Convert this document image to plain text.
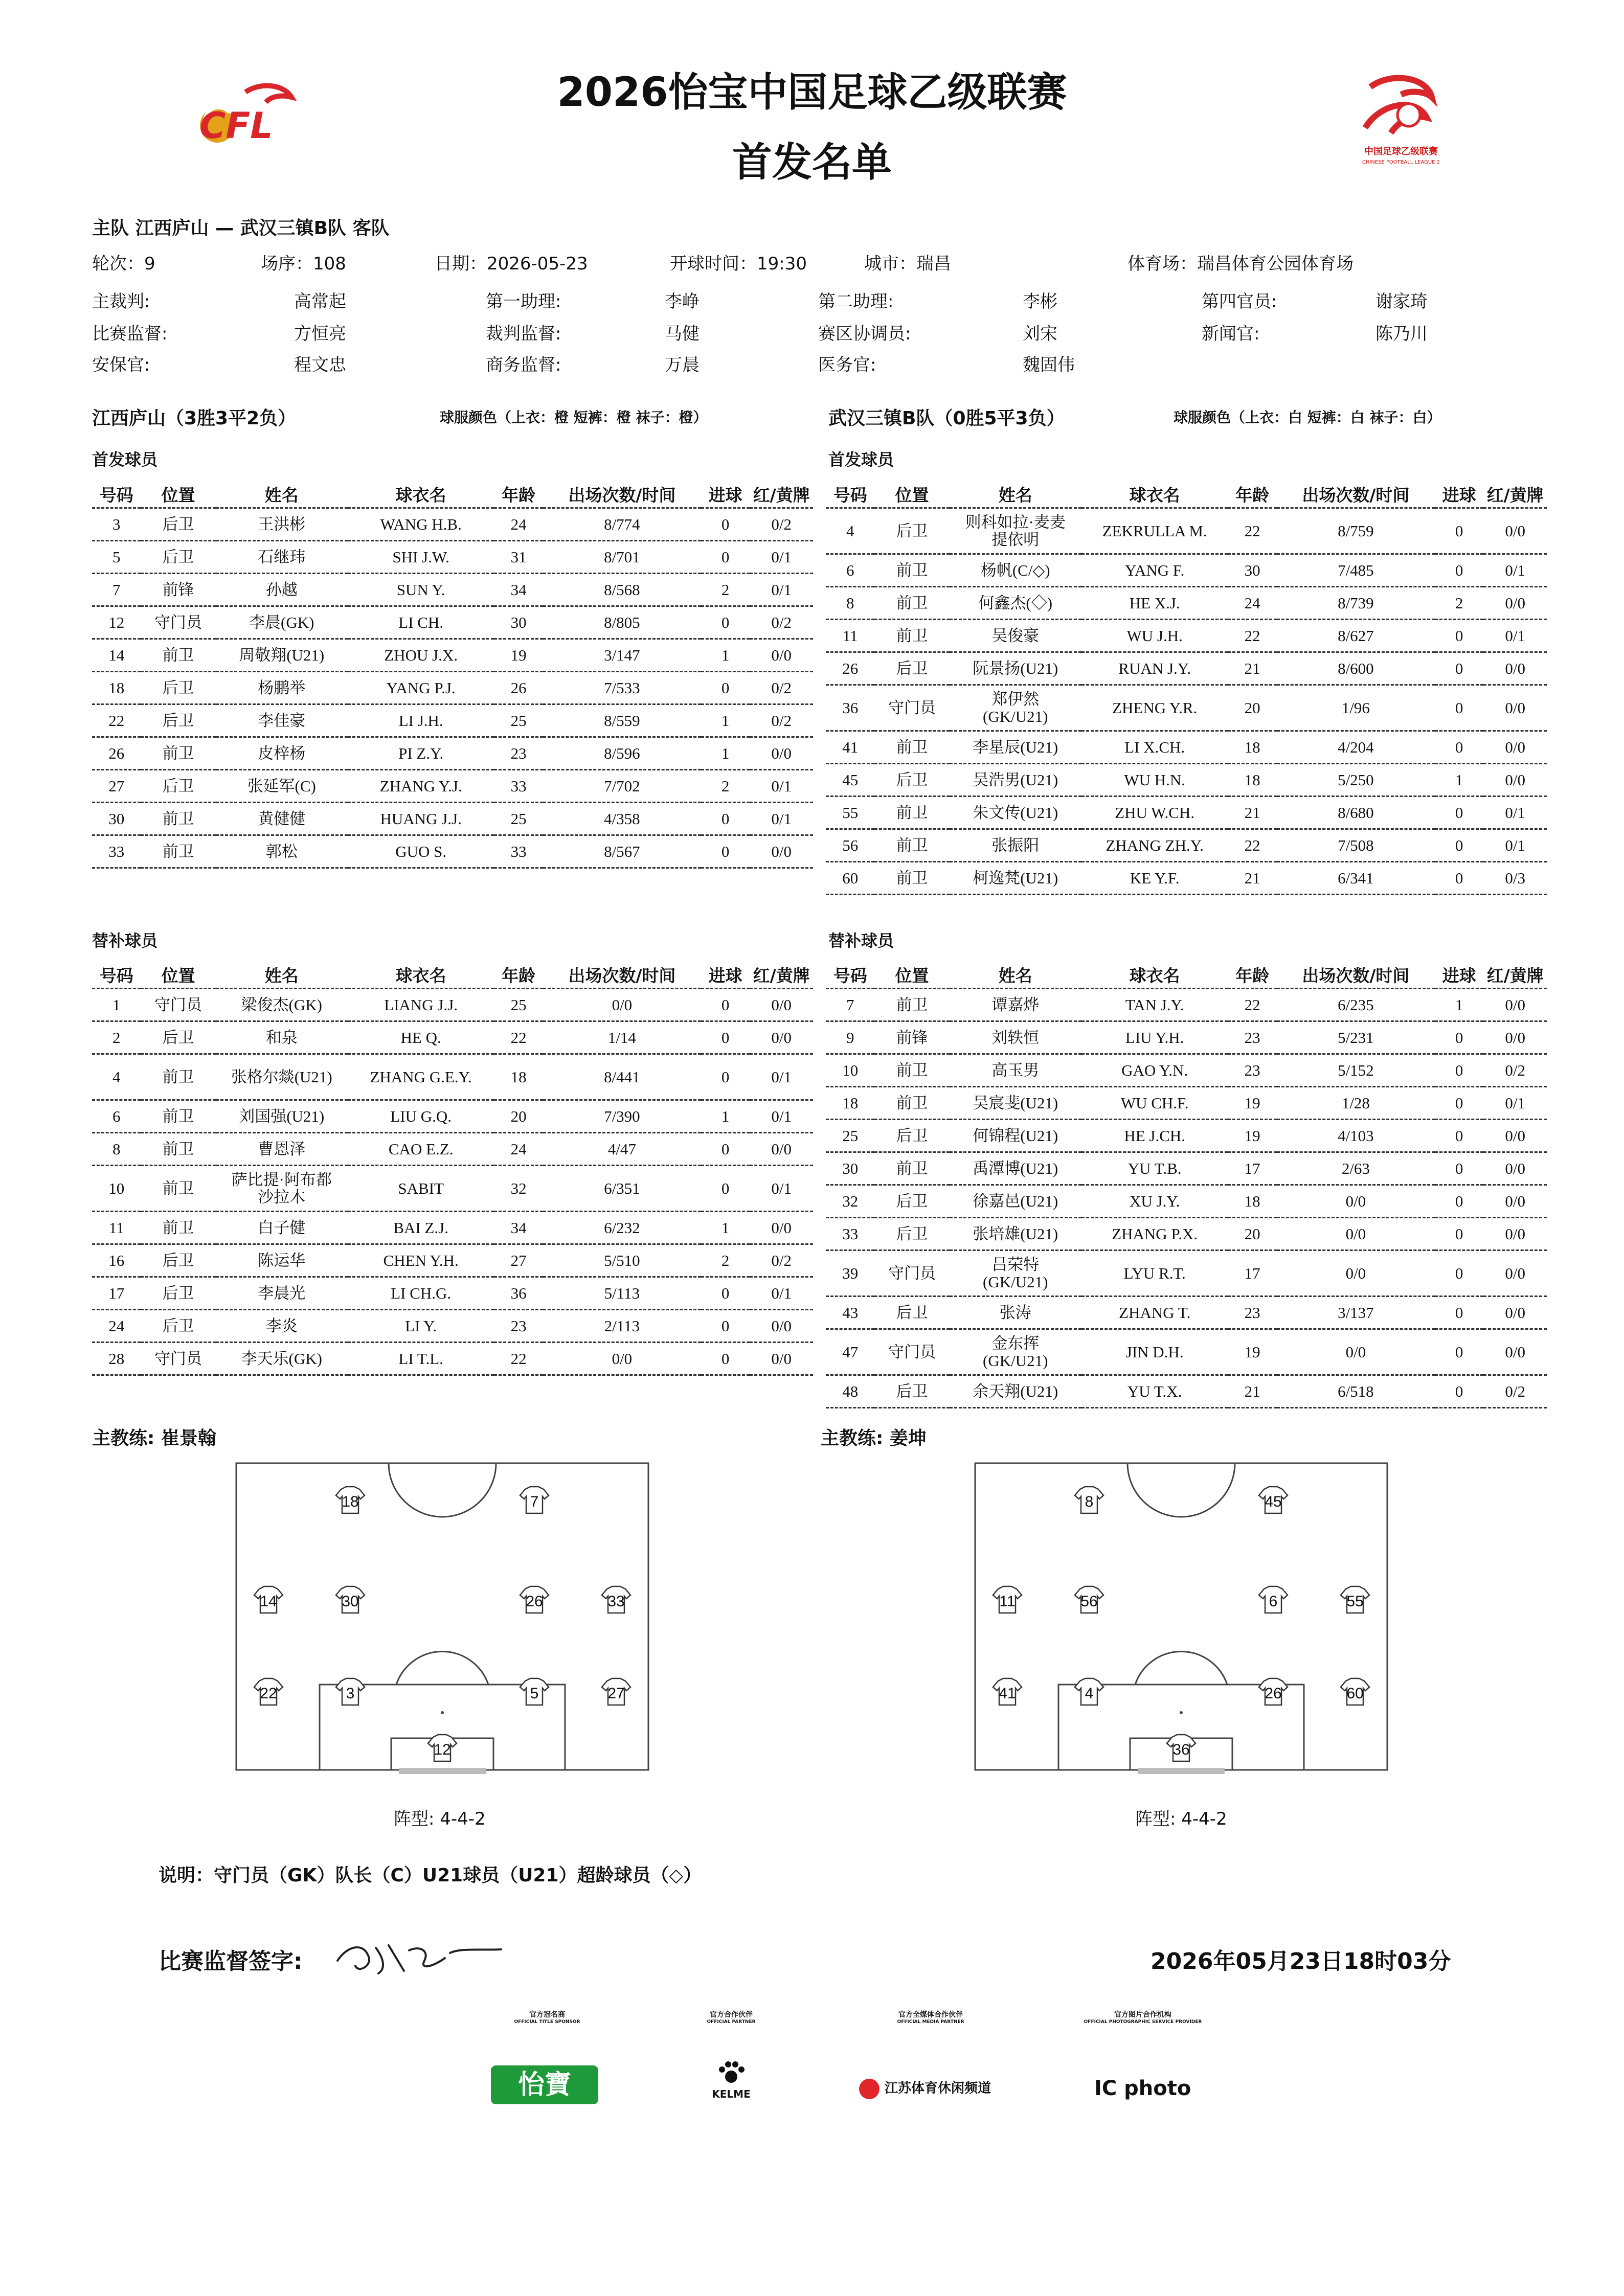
2026怡宝中国足球乙级联赛
首发名单
CFL
中国足球乙级联赛
CHINESE FOOTBALL LEAGUE 2
主队 江西庐山 — 武汉三镇B队 客队
轮次：9	场序：108	日期：2026-05-23	开球时间：19:30	城市：瑞昌	体育场：瑞昌体育公园体育场
主裁判:	高常起	第一助理:	李峥	第二助理:	李彬	第四官员:	谢家琦
比赛监督:	方恒亮	裁判监督:	马健	赛区协调员:	刘宋	新闻官:	陈乃川
安保官:	程文忠	商务监督:	万晨	医务官:	魏固伟
江西庐山（3胜3平2负）	球服颜色（上衣：橙 短裤：橙 袜子：橙）	武汉三镇B队（0胜5平3负）	球服颜色（上衣：白 短裤：白 袜子：白）
首发球员	首发球员
号码	位置	姓名	球衣名	年龄	出场次数/时间	进球	红/黄牌
3	后卫	王洪彬	WANG H.B.	24	8/774	0	0/2
5	后卫	石继玮	SHI J.W.	31	8/701	0	0/1
7	前锋	孙越	SUN Y.	34	8/568	2	0/1
12	守门员	李晨(GK)	LI CH.	30	8/805	0	0/2
14	前卫	周敬翔(U21)	ZHOU J.X.	19	3/147	1	0/0
18	后卫	杨鹏举	YANG P.J.	26	7/533	0	0/2
22	后卫	李佳豪	LI J.H.	25	8/559	1	0/2
26	前卫	皮梓杨	PI Z.Y.	23	8/596	1	0/0
27	后卫	张延军(C)	ZHANG Y.J.	33	7/702	2	0/1
30	前卫	黄健健	HUANG J.J.	25	4/358	0	0/1
33	前卫	郭松	GUO S.	33	8/567	0	0/0
号码	位置	姓名	球衣名	年龄	出场次数/时间	进球	红/黄牌
4	后卫	则科如拉·麦麦提依明	ZEKRULLA M.	22	8/759	0	0/0
6	前卫	杨帆(C/◇)	YANG F.	30	7/485	0	0/1
8	前卫	何鑫杰(◇)	HE X.J.	24	8/739	2	0/0
11	前卫	吴俊豪	WU J.H.	22	8/627	0	0/1
26	后卫	阮景扬(U21)	RUAN J.Y.	21	8/600	0	0/0
36	守门员	郑伊然(GK/U21)	ZHENG Y.R.	20	1/96	0	0/0
41	前卫	李星辰(U21)	LI X.CH.	18	4/204	0	0/0
45	后卫	吴浩男(U21)	WU H.N.	18	5/250	1	0/0
55	前卫	朱文传(U21)	ZHU W.CH.	21	8/680	0	0/1
56	前卫	张振阳	ZHANG ZH.Y.	22	7/508	0	0/1
60	前卫	柯逸梵(U21)	KE Y.F.	21	6/341	0	0/3
替补球员	替补球员
号码	位置	姓名	球衣名	年龄	出场次数/时间	进球	红/黄牌
1	守门员	梁俊杰(GK)	LIANG J.J.	25	0/0	0	0/0
2	后卫	和泉	HE Q.	22	1/14	0	0/0
4	前卫	张格尔燚(U21)	ZHANG G.E.Y.	18	8/441	0	0/1
6	前卫	刘国强(U21)	LIU G.Q.	20	7/390	1	0/1
8	前卫	曹恩泽	CAO E.Z.	24	4/47	0	0/0
10	前卫	萨比提·阿布都沙拉木	SABIT	32	6/351	0	0/1
11	前卫	白子健	BAI Z.J.	34	6/232	1	0/0
16	后卫	陈运华	CHEN Y.H.	27	5/510	2	0/2
17	后卫	李晨光	LI CH.G.	36	5/113	0	0/1
24	后卫	李炎	LI Y.	23	2/113	0	0/0
28	守门员	李天乐(GK)	LI T.L.	22	0/0	0	0/0
号码	位置	姓名	球衣名	年龄	出场次数/时间	进球	红/黄牌
7	前卫	谭嘉烨	TAN J.Y.	22	6/235	1	0/0
9	前锋	刘轶恒	LIU Y.H.	23	5/231	0	0/0
10	前卫	高玉男	GAO Y.N.	23	5/152	0	0/2
18	前卫	吴宸斐(U21)	WU CH.F.	19	1/28	0	0/1
25	后卫	何锦程(U21)	HE J.CH.	19	4/103	0	0/0
30	前卫	禹潭博(U21)	YU T.B.	17	2/63	0	0/0
32	后卫	徐嘉邑(U21)	XU J.Y.	18	0/0	0	0/0
33	后卫	张培雄(U21)	ZHANG P.X.	20	0/0	0	0/0
39	守门员	吕荣特(GK/U21)	LYU R.T.	17	0/0	0	0/0
43	后卫	张涛	ZHANG T.	23	3/137	0	0/0
47	守门员	金东挥(GK/U21)	JIN D.H.	19	0/0	0	0/0
48	后卫	余天翔(U21)	YU T.X.	21	6/518	0	0/2
主教练: 崔景翰	主教练: 姜坤
18	7
14	30	26	33
22	3	5	27
12
8	45
11	56	6	55
41	4	26	60
36
阵型: 4-4-2	阵型: 4-4-2
说明：守门员（GK）队长（C）U21球员（U21）超龄球员（◇）
比赛监督签字:	2026年05月23日18时03分
官方冠名商
OFFICIAL TITLE SPONSOR
官方合作伙伴
OFFICIAL PARTNER
官方全媒体合作伙伴
OFFICIAL MEDIA PARTNER
官方图片合作机构
OFFICIAL PHOTOGRAPHIC SERVICE PROVIDER
怡寶	KELME	江苏体育休闲频道	IC photo
